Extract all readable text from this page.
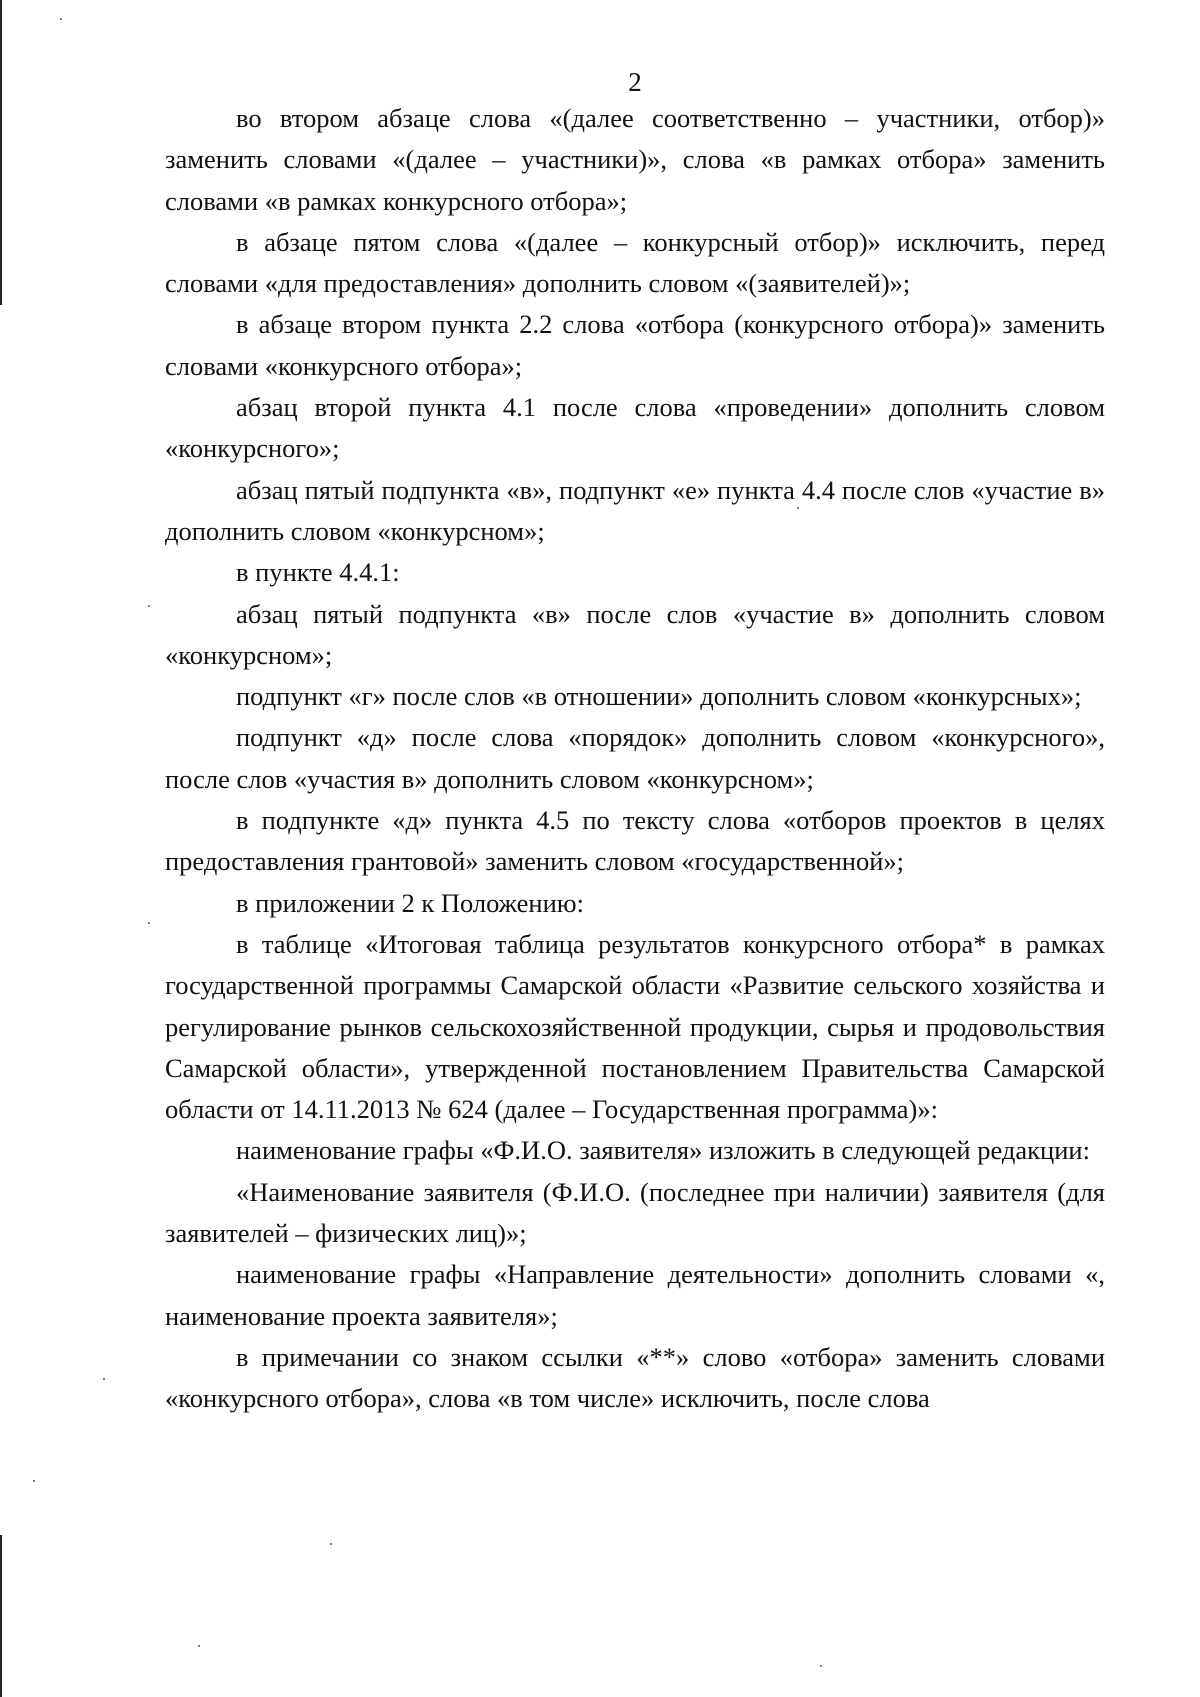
2

во втором абзаце слова «(далее соответственно – участники, отбор)» заменить словами «(далее – участники)», слова «в рамках отбора» заменить словами «в рамках конкурсного отбора»;

в абзаце пятом слова «(далее – конкурсный отбор)» исключить, перед словами «для предоставления» дополнить словом «(заявителей)»;

в абзаце втором пункта 2.2 слова «отбора (конкурсного отбора)» заменить словами «конкурсного отбора»;

абзац второй пункта 4.1 после слова «проведении» дополнить словом «конкурсного»;

абзац пятый подпункта «в», подпункт «е» пункта 4.4 после слов «участие в» дополнить словом «конкурсном»;

в пункте 4.4.1:

абзац пятый подпункта «в» после слов «участие в» дополнить словом «конкурсном»;

подпункт «г» после слов «в отношении» дополнить словом «конкурсных»;

подпункт «д» после слова «порядок» дополнить словом «конкурсного», после слов «участия в» дополнить словом «конкурсном»;

в подпункте «д» пункта 4.5 по тексту слова «отборов проектов в целях предоставления грантовой» заменить словом «государственной»;

в приложении 2 к Положению:

в таблице «Итоговая таблица результатов конкурсного отбора* в рамках государственной программы Самарской области «Развитие сельского хозяйства и регулирование рынков сельскохозяйственной продукции, сырья и продовольствия Самарской области», утвержденной постановлением Правительства Самарской области от 14.11.2013 № 624 (далее – Государственная программа)»:

наименование графы «Ф.И.О. заявителя» изложить в следующей редакции:

«Наименование заявителя (Ф.И.О. (последнее при наличии) заявителя (для заявителей – физических лиц)»;

наименование графы «Направление деятельности» дополнить словами «, наименование проекта заявителя»;

в примечании со знаком ссылки «**» слово «отбора» заменить словами «конкурсного отбора», слова «в том числе» исключить, после слова
